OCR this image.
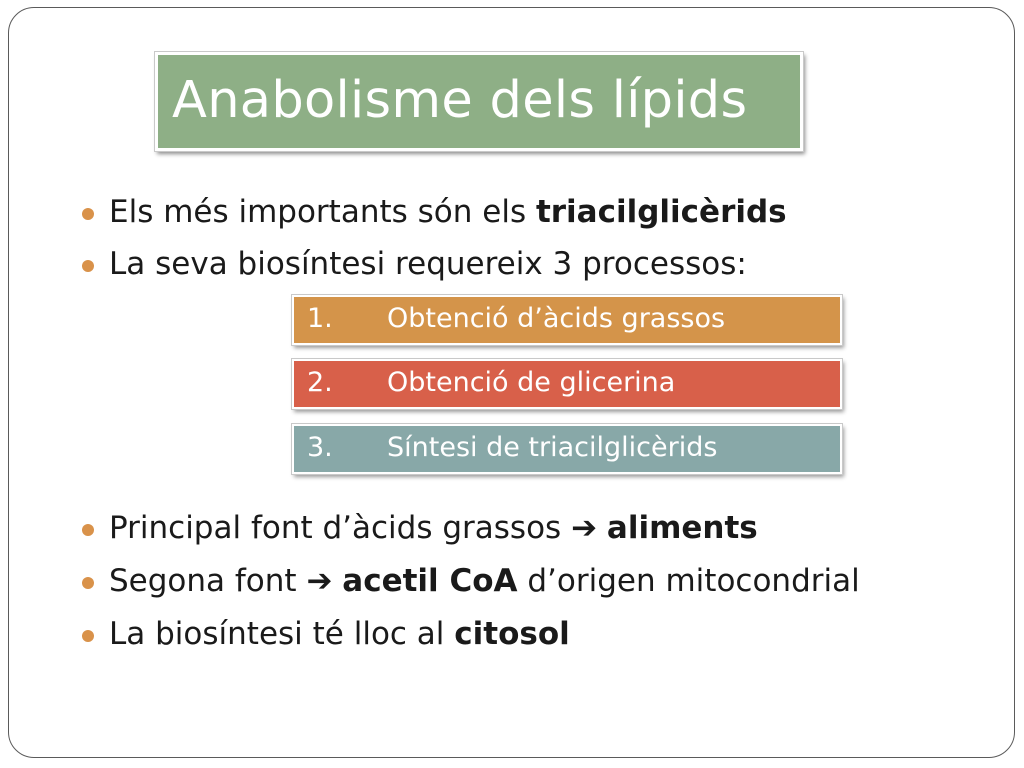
Anabolisme dels lípids
Els més importants són els triacilglicèrids
La seva biosíntesi requereix 3 processos:
1. Obtenció d’àcids grassos
2. Obtenció de glicerina
3. Síntesi de triacilglicèrids
Principal font d’àcids grassos ➔ aliments
Segona font ➔ acetil CoA d’origen mitocondrial
La biosíntesi té lloc al citosol
